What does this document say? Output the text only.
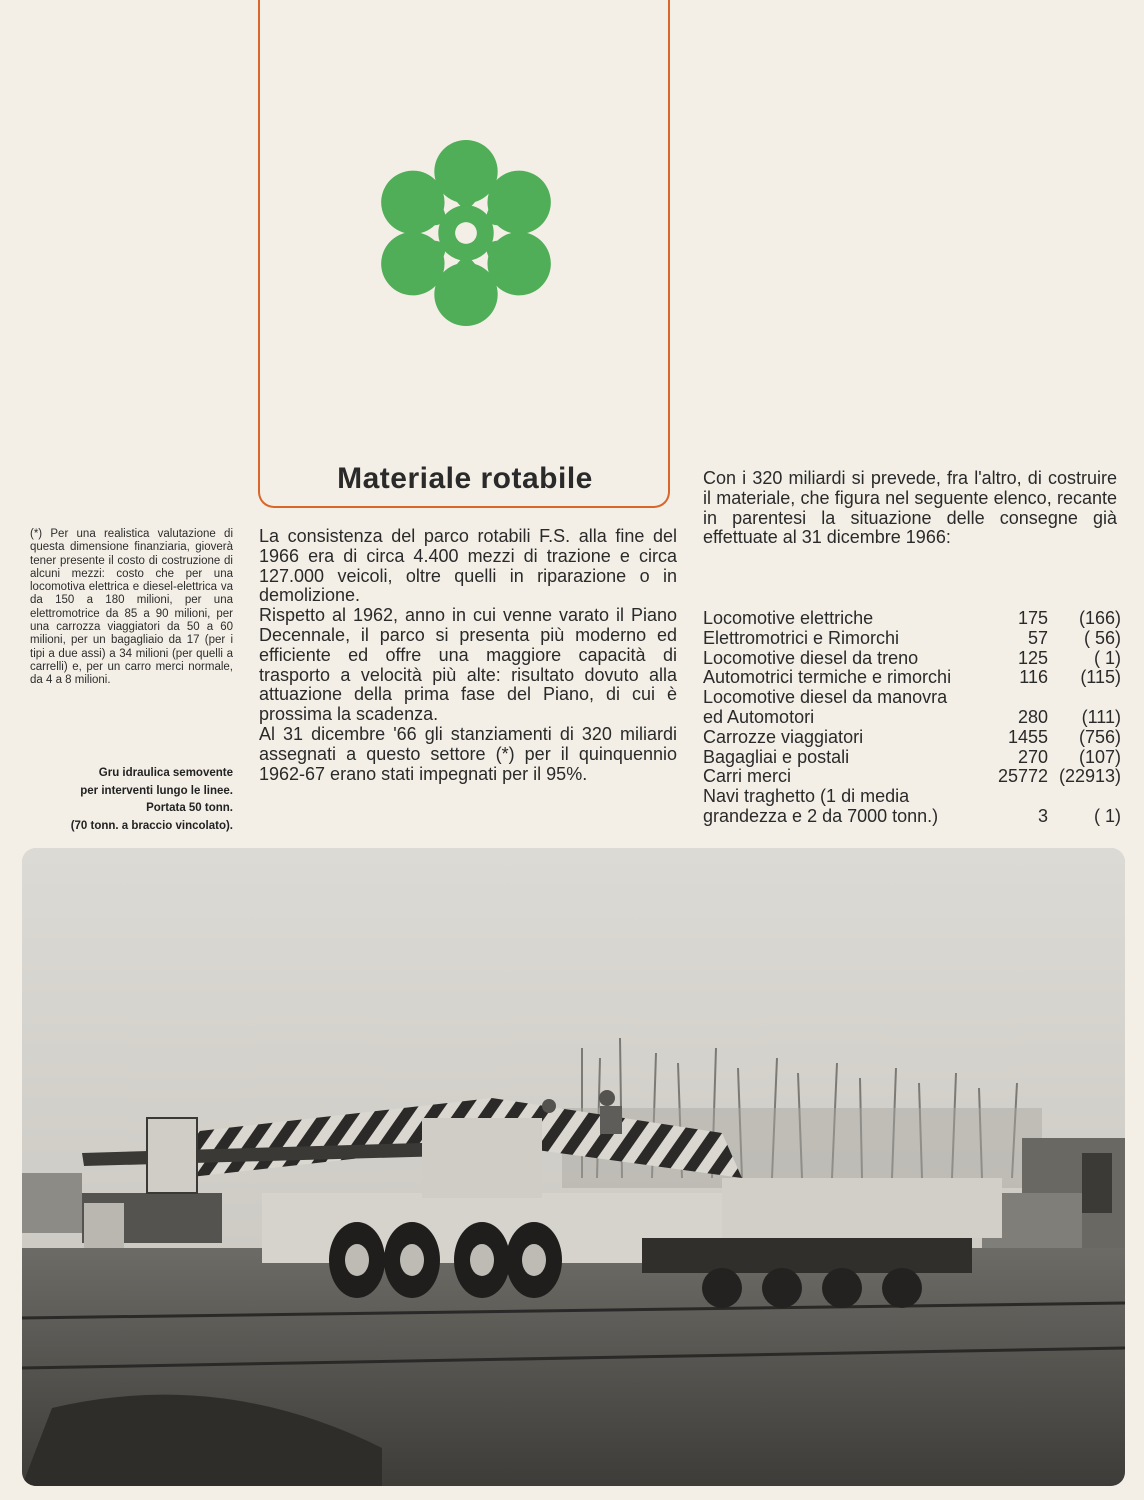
Materiale rotabile
(*) Per una realistica valutazione di questa dimensione finanziaria, gioverà tener presente il costo di costruzione di alcuni mezzi: costo che per una locomotiva elettrica e diesel-elettrica va da 150 a 180 milioni, per una elettromotrice da 85 a 90 milioni, per una carrozza viaggiatori da 50 a 60 milioni, per un bagagliaio da 17 (per i tipi a due assi) a 34 milioni (per quelli a carrelli) e, per un carro merci normale, da 4 a 8 milioni.
Gru idraulica semovente
per interventi lungo le linee.
Portata 50 tonn.
(70 tonn. a braccio vincolato).

La consistenza del parco rotabili F.S. alla fine del 1966 era di circa 4.400 mezzi di trazione e circa 127.000 veicoli, oltre quelli in riparazione o in demolizione.

Rispetto al 1962, anno in cui venne varato il Piano Decennale, il parco si presenta più moderno ed efficiente ed offre una maggiore capacità di trasporto a velocità più alte: risultato dovuto alla attuazione della prima fase del Piano, di cui è prossima la scadenza.

Al 31 dicembre '66 gli stanziamenti di 320 miliardi assegnati a questo settore (*) per il quinquennio 1962-67 erano stati impegnati per il 95%.

Con i 320 miliardi si prevede, fra l'altro, di costruire il materiale, che figura nel seguente elenco, recante in parentesi la situazione delle consegne già effettuate al 31 dicembre 1966:

Locomotive elettriche	175 (166)
Elettromotrici e Rimorchi	57 ( 56)
Locomotive diesel da treno	125	( 1)
Automotrici termiche e rimorchi	116 (115)
Locomotive diesel da manovra
ed Automotori	280 (111)
Carrozze viaggiatori	1455 (756)
Bagagliai e postali	270 (107)
Carri merci	25772 (22913)
Navi traghetto (1 di media
grandezza e 2 da 7000 tonn.)	3	( 1)
